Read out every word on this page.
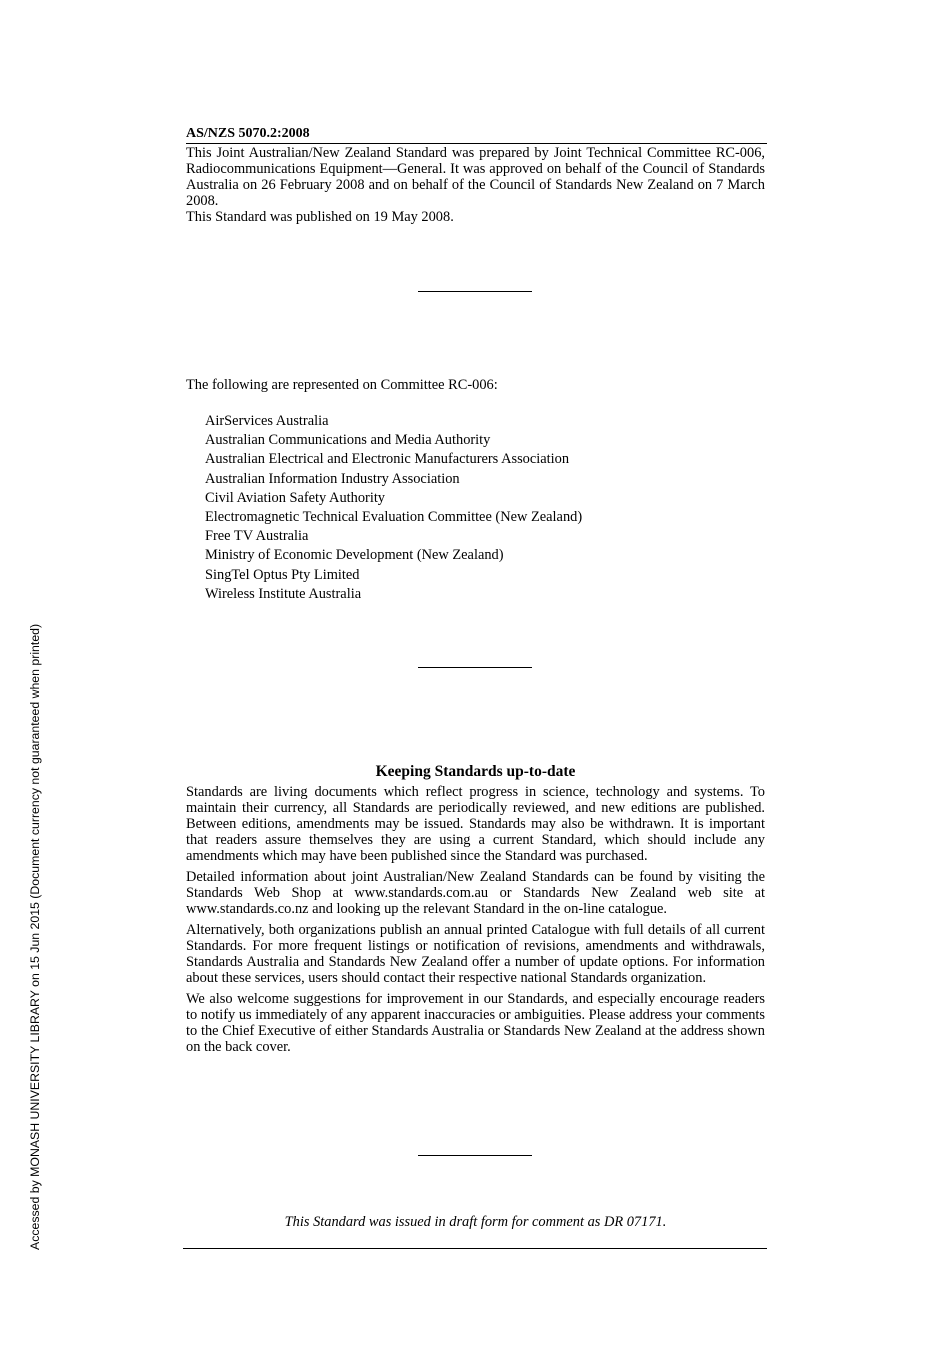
AS/NZS 5070.2:2008

This Joint Australian/New Zealand Standard was prepared by Joint Technical Committee RC-006, Radiocommunications Equipment—General. It was approved on behalf of the Council of Standards Australia on 26 February 2008 and on behalf of the Council of Standards New Zealand on 7 March 2008.

This Standard was published on 19 May 2008.

The following are represented on Committee RC-006:
AirServices Australia
Australian Communications and Media Authority
Australian Electrical and Electronic Manufacturers Association
Australian Information Industry Association
Civil Aviation Safety Authority
Electromagnetic Technical Evaluation Committee (New Zealand)
Free TV Australia
Ministry of Economic Development (New Zealand)
SingTel Optus Pty Limited
Wireless Institute Australia
Keeping Standards up-to-date

Standards are living documents which reflect progress in science, technology and systems. To maintain their currency, all Standards are periodically reviewed, and new editions are published. Between editions, amendments may be issued. Standards may also be withdrawn. It is important that readers assure themselves they are using a current Standard, which should include any amendments which may have been published since the Standard was purchased.

Detailed information about joint Australian/New Zealand Standards can be found by visiting the Standards Web Shop at www.standards.com.au or Standards New Zealand web site at www.standards.co.nz and looking up the relevant Standard in the on-line catalogue.

Alternatively, both organizations publish an annual printed Catalogue with full details of all current Standards. For more frequent listings or notification of revisions, amendments and withdrawals, Standards Australia and Standards New Zealand offer a number of update options. For information about these services, users should contact their respective national Standards organization.

We also welcome suggestions for improvement in our Standards, and especially encourage readers to notify us immediately of any apparent inaccuracies or ambiguities. Please address your comments to the Chief Executive of either Standards Australia or Standards New Zealand at the address shown on the back cover.

This Standard was issued in draft form for comment as DR 07171.
Accessed by MONASH UNIVERSITY LIBRARY on 15 Jun 2015 (Document currency not guaranteed when printed)
